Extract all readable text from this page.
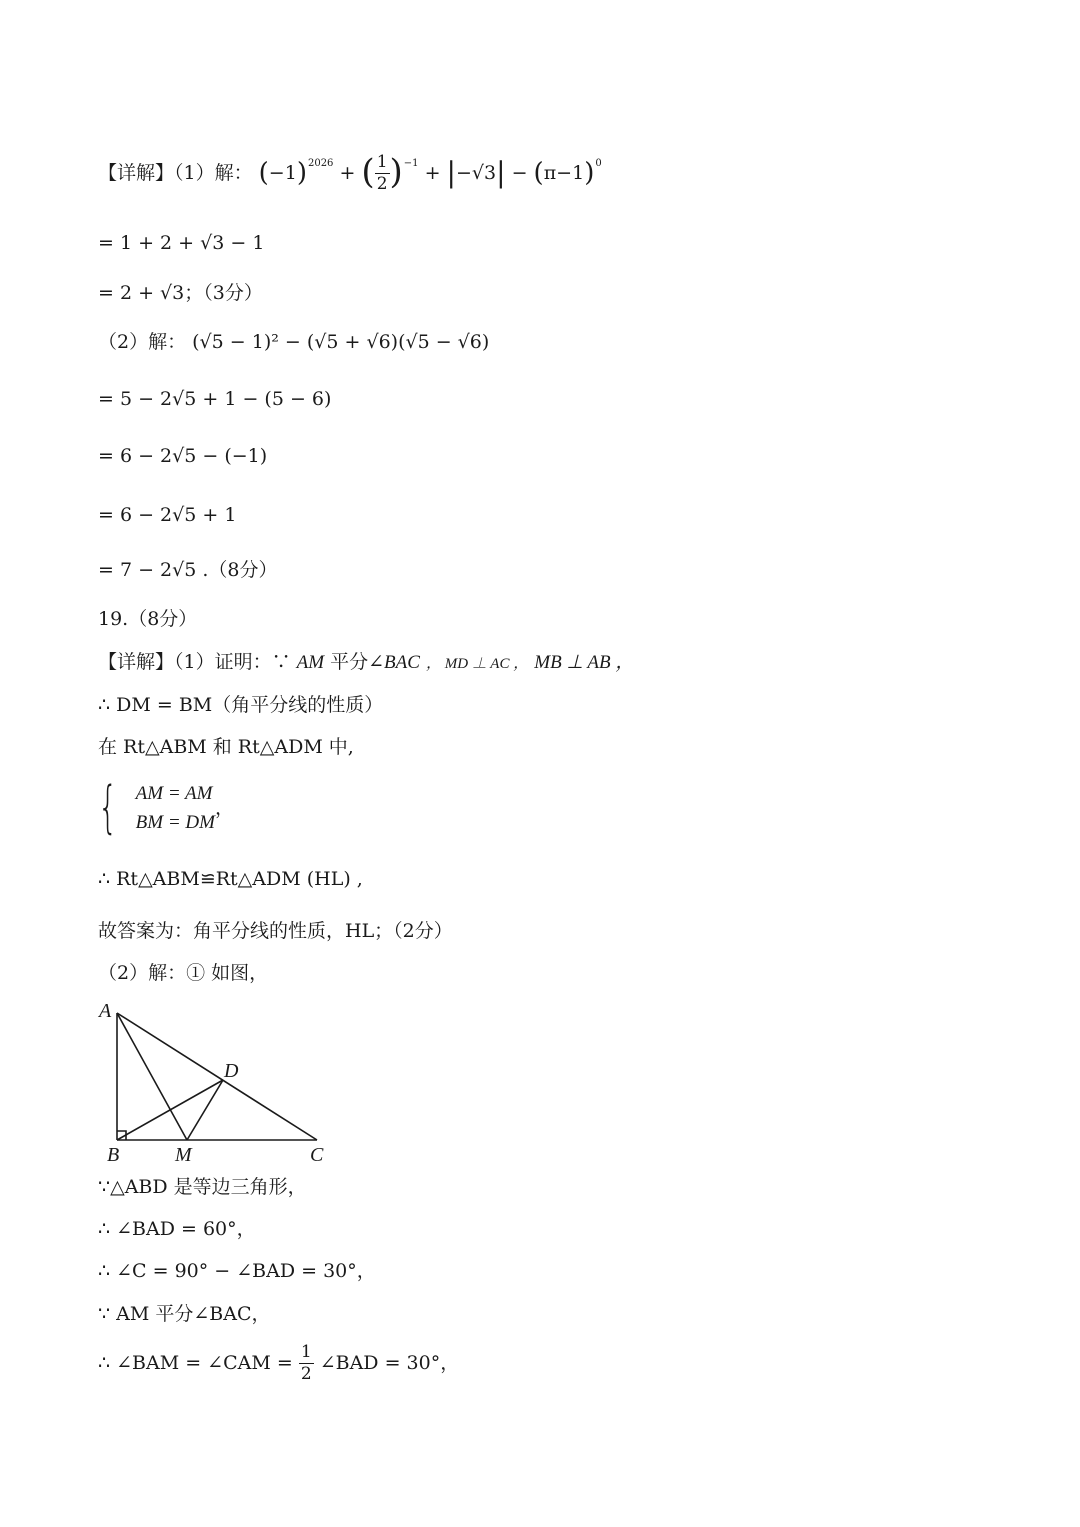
【详解】（1）解： $(-1)^{2026}$ + ( $\frac{1}{2} )^{-1} + |-√3| - (\pi-1)^0$
= 1 + 2 + √3 − 1
= 2 + √3；（3分）
（2）解： (√5 − 1)² − (√5 + √6)(√5 − √6)
= 5 − 2√5 + 1 − (5 − 6)
= 6 − 2√5 − (−1)
= 6 − 2√5 + 1
= 7 − 2√5 .（8分）
19.（8分）
【详解】（1）证明：∵ AM 平分∠BAC ， MD ⊥ AC ， MB ⊥ AB ，
∴ DM = BM（角平分线的性质）
在 Rt△ABM 和 Rt△ADM 中,
{ AM = AM
BM = DM
，
∴ Rt△ABM≌Rt△ADM (HL) ,
故答案为：角平分线的性质，HL；（2分）
（2）解：① 如图，
A
B	M	C
D
∵△ABD 是等边三角形，
∴ ∠BAD = 60°，
∴ ∠C = 90° − ∠BAD = 30°，
∵ AM 平分∠BAC，
∴ ∠BAM = ∠CAM = $\frac{1}{2}$ ∠BAD = 30°，
